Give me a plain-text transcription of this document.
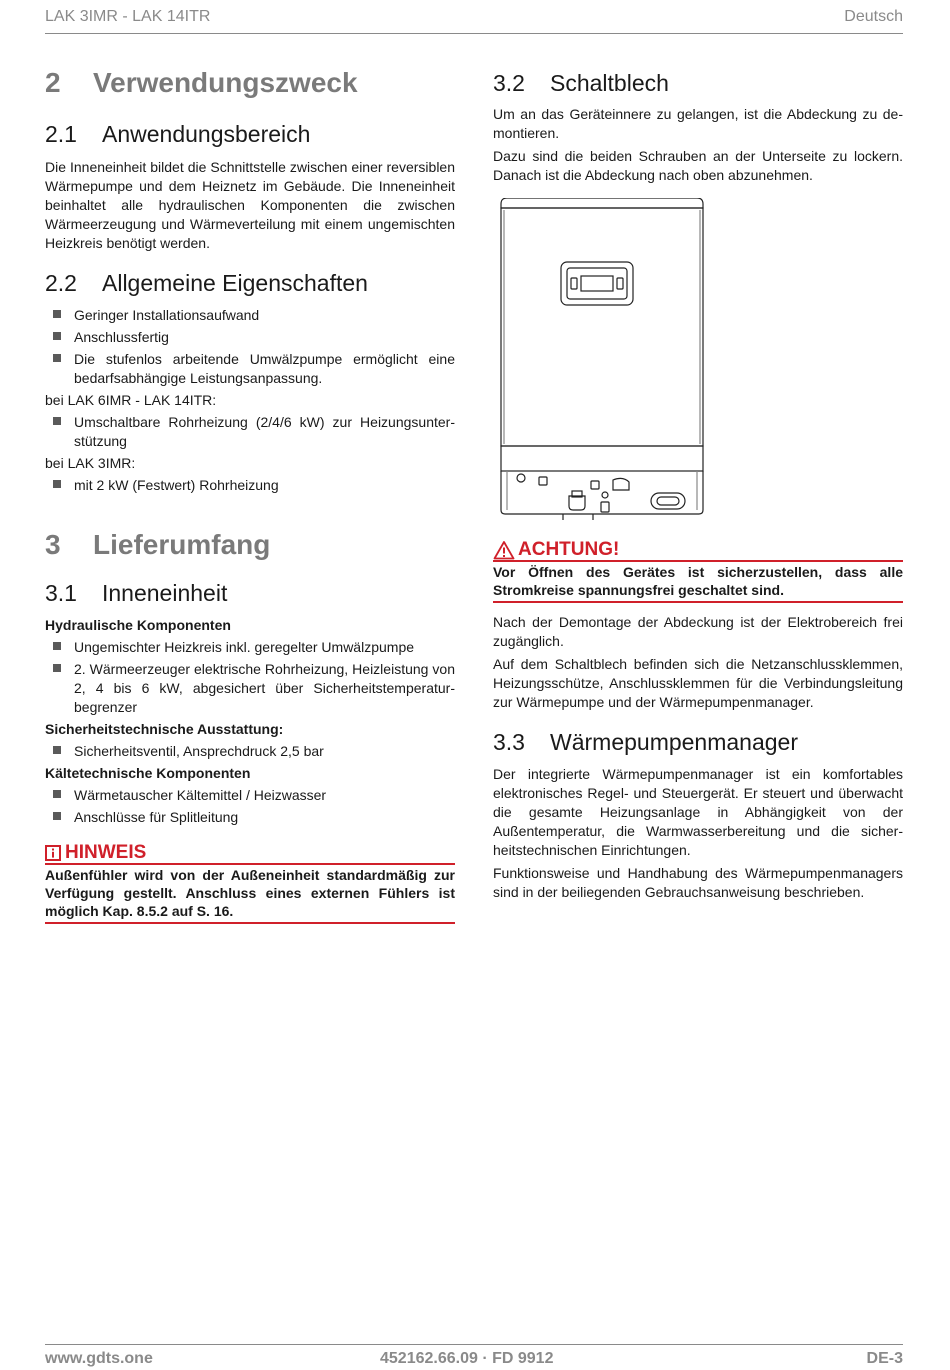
LAK 3IMR - LAK 14ITR	Deutsch
2	Verwendungszweck
2.1	Anwendungsbereich

Die Inneneinheit bildet die Schnittstelle zwischen einer reversiblen Wärmepumpe und dem Heiznetz im Gebäude. Die Inneneinheit beinhaltet alle hydraulischen Komponenten die zwischen Wärmeerzeugung und Wärmeverteilung mit einem ungemischten Heizkreis benötigt werden.

2.2	Allgemeine Eigenschaften
Geringer Installationsaufwand
Anschlussfertig
Die stufenlos arbeitende Umwälzpumpe ermöglicht eine bedarfsabhängige Leistungsanpassung.

bei LAK 6IMR - LAK 14ITR:

Umschaltbare Rohrheizung (2/4/6 kW) zur Heizungsunterstützung

bei LAK 3IMR:

mit 2 kW (Festwert) Rohrheizung
3	Lieferumfang
3.1	Inneneinheit
Hydraulische Komponenten
Ungemischter Heizkreis inkl. geregelter Umwälzpumpe
2. Wärmeerzeuger elektrische Rohrheizung, Heizleistung von 2, 4 bis 6 kW, abgesichert über Sicherheitstemperaturbegrenzer
Sicherheitstechnische Ausstattung:
Sicherheitsventil, Ansprechdruck 2,5 bar
Kältetechnische Komponenten
Wärmetauscher Kältemittel / Heizwasser
Anschlüsse für Splitleitung
HINWEIS
Außenfühler wird von der Außeneinheit standardmäßig zur Verfügung gestellt. Anschluss eines externen Fühlers ist möglich Kap. 8.5.2 auf S. 16.
3.2	Schaltblech

Um an das Geräteinnere zu gelangen, ist die Abdeckung zu demontieren.

Dazu sind die beiden Schrauben an der Unterseite zu lockern. Danach ist die Abdeckung nach oben abzunehmen.

ACHTUNG!
Vor Öffnen des Gerätes ist sicherzustellen, dass alle Stromkreise spannungsfrei geschaltet sind.

Nach der Demontage der Abdeckung ist der Elektrobereich frei zugänglich.

Auf dem Schaltblech befinden sich die Netzanschlussklemmen, Heizungsschütze, Anschlussklemmen für die Verbindungsleitung zur Wärmepumpe und der Wärmepumpenmanager.

3.3	Wärmepumpenmanager

Der integrierte Wärmepumpenmanager ist ein komfortables elektronisches Regel- und Steuergerät. Er steuert und überwacht die gesamte Heizungsanlage in Abhängigkeit von der Außentemperatur, die Warmwasserbereitung und die sicherheitstechnischen Einrichtungen.

Funktionsweise und Handhabung des Wärmepumpenmanagers sind in der beiliegenden Gebrauchsanweisung beschrieben.

www.gdts.one	452162.66.09 · FD 9912	DE-3
